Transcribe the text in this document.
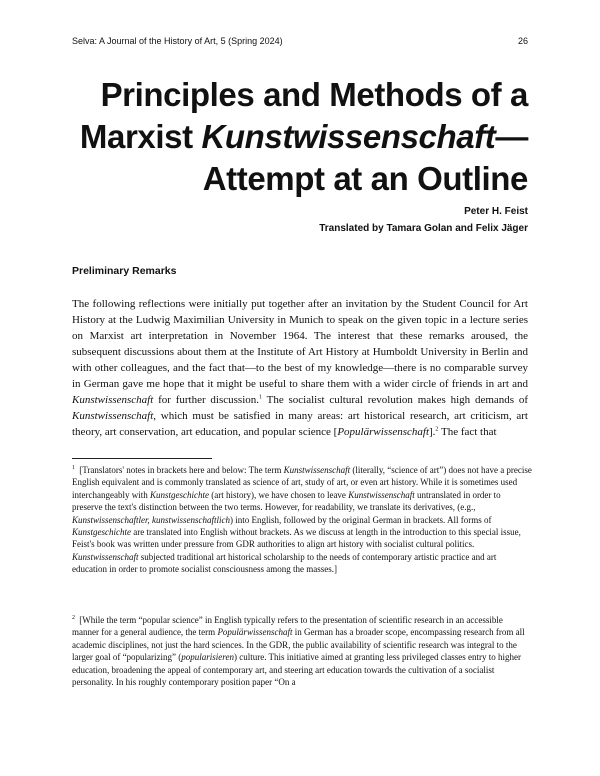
Selva: A Journal of the History of Art, 5 (Spring 2024)	26
Principles and Methods of a
Marxist Kunstwissenschaft—
Attempt at an Outline
Peter H. Feist
Translated by Tamara Golan and Felix Jäger
Preliminary Remarks

The following reflections were initially put together after an invitation by the Student Council for Art History at the Ludwig Maximilian University in Munich to speak on the given topic in a lecture series on Marxist art interpretation in November 1964. The interest that these remarks aroused, the subsequent discussions about them at the Institute of Art History at Humboldt University in Berlin and with other colleagues, and the fact that—to the best of my knowledge—there is no comparable survey in German gave me hope that it might be useful to share them with a wider circle of friends in art and Kunstwissenschaft for further discussion.$^1$ The socialist cultural revolution makes high demands of Kunstwissenschaft, which must be satisfied in many areas: art historical research, art criticism, art theory, art conservation, art education, and popular science [Populärwissenschaft].$^2$ The fact that

$^1$ [Translators' notes in brackets here and below: The term Kunstwissenschaft (literally, “science of art”) does not have a precise English equivalent and is commonly translated as science of art, study of art, or even art history. While it is sometimes used interchangeably with Kunstgeschichte (art history), we have chosen to leave Kunstwissenschaft untranslated in order to preserve the text's distinction between the two terms. However, for readability, we translate its derivatives, (e.g., Kunstwissenschaftler, kunstwissenschaftlich) into English, followed by the original German in brackets. All forms of Kunstgeschichte are translated into English without brackets. As we discuss at length in the introduction to this special issue, Feist's book was written under pressure from GDR authorities to align art history with socialist cultural politics. Kunstwissenschaft subjected traditional art historical scholarship to the needs of contemporary artistic practice and art education in order to promote socialist consciousness among the masses.]

$^2$ [While the term “popular science” in English typically refers to the presentation of scientific research in an accessible manner for a general audience, the term Populärwissenschaft in German has a broader scope, encompassing research from all academic disciplines, not just the hard sciences. In the GDR, the public availability of scientific research was integral to the larger goal of “popularizing” (popularisieren) culture. This initiative aimed at granting less privileged classes entry to higher education, broadening the appeal of contemporary art, and steering art education towards the cultivation of a socialist personality. In his roughly contemporary position paper “On a
